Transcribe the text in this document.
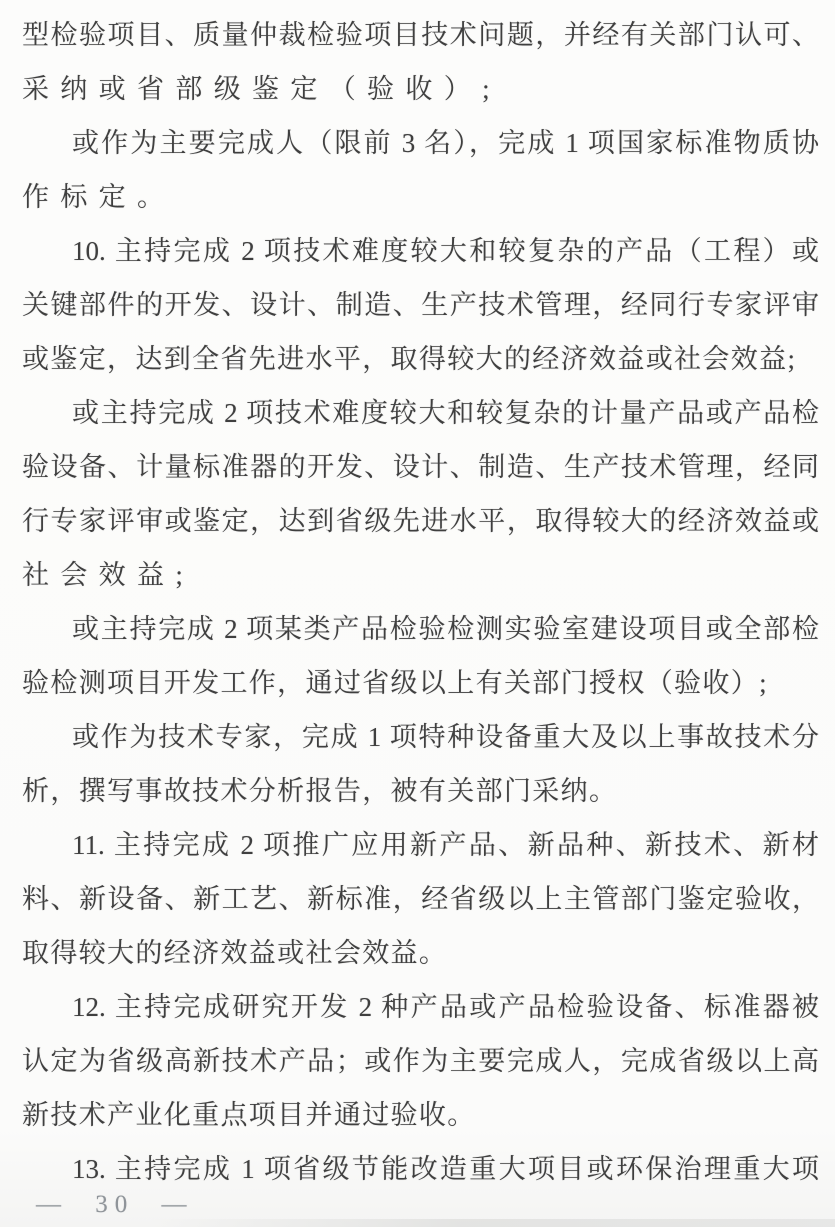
型检验项目、质量仲裁检验项目技术问题，并经有关部门认可、
采纳或省部级鉴定（验收）;
或作为主要完成人（限前 3 名），完成 1 项国家标准物质协
作标定。
10. 主持完成 2 项技术难度较大和较复杂的产品（工程）或
关键部件的开发、设计、制造、生产技术管理，经同行专家评审
或鉴定，达到全省先进水平，取得较大的经济效益或社会效益;
或主持完成 2 项技术难度较大和较复杂的计量产品或产品检
验设备、计量标准器的开发、设计、制造、生产技术管理，经同
行专家评审或鉴定，达到省级先进水平，取得较大的经济效益或
社会效益;
或主持完成 2 项某类产品检验检测实验室建设项目或全部检
验检测项目开发工作，通过省级以上有关部门授权（验收）;
或作为技术专家，完成 1 项特种设备重大及以上事故技术分
析，撰写事故技术分析报告，被有关部门采纳。
11. 主持完成 2 项推广应用新产品、新品种、新技术、新材
料、新设备、新工艺、新标准，经省级以上主管部门鉴定验收，
取得较大的经济效益或社会效益。
12. 主持完成研究开发 2 种产品或产品检验设备、标准器被
认定为省级高新技术产品；或作为主要完成人，完成省级以上高
新技术产业化重点项目并通过验收。
13. 主持完成 1 项省级节能改造重大项目或环保治理重大项
— 30 —
